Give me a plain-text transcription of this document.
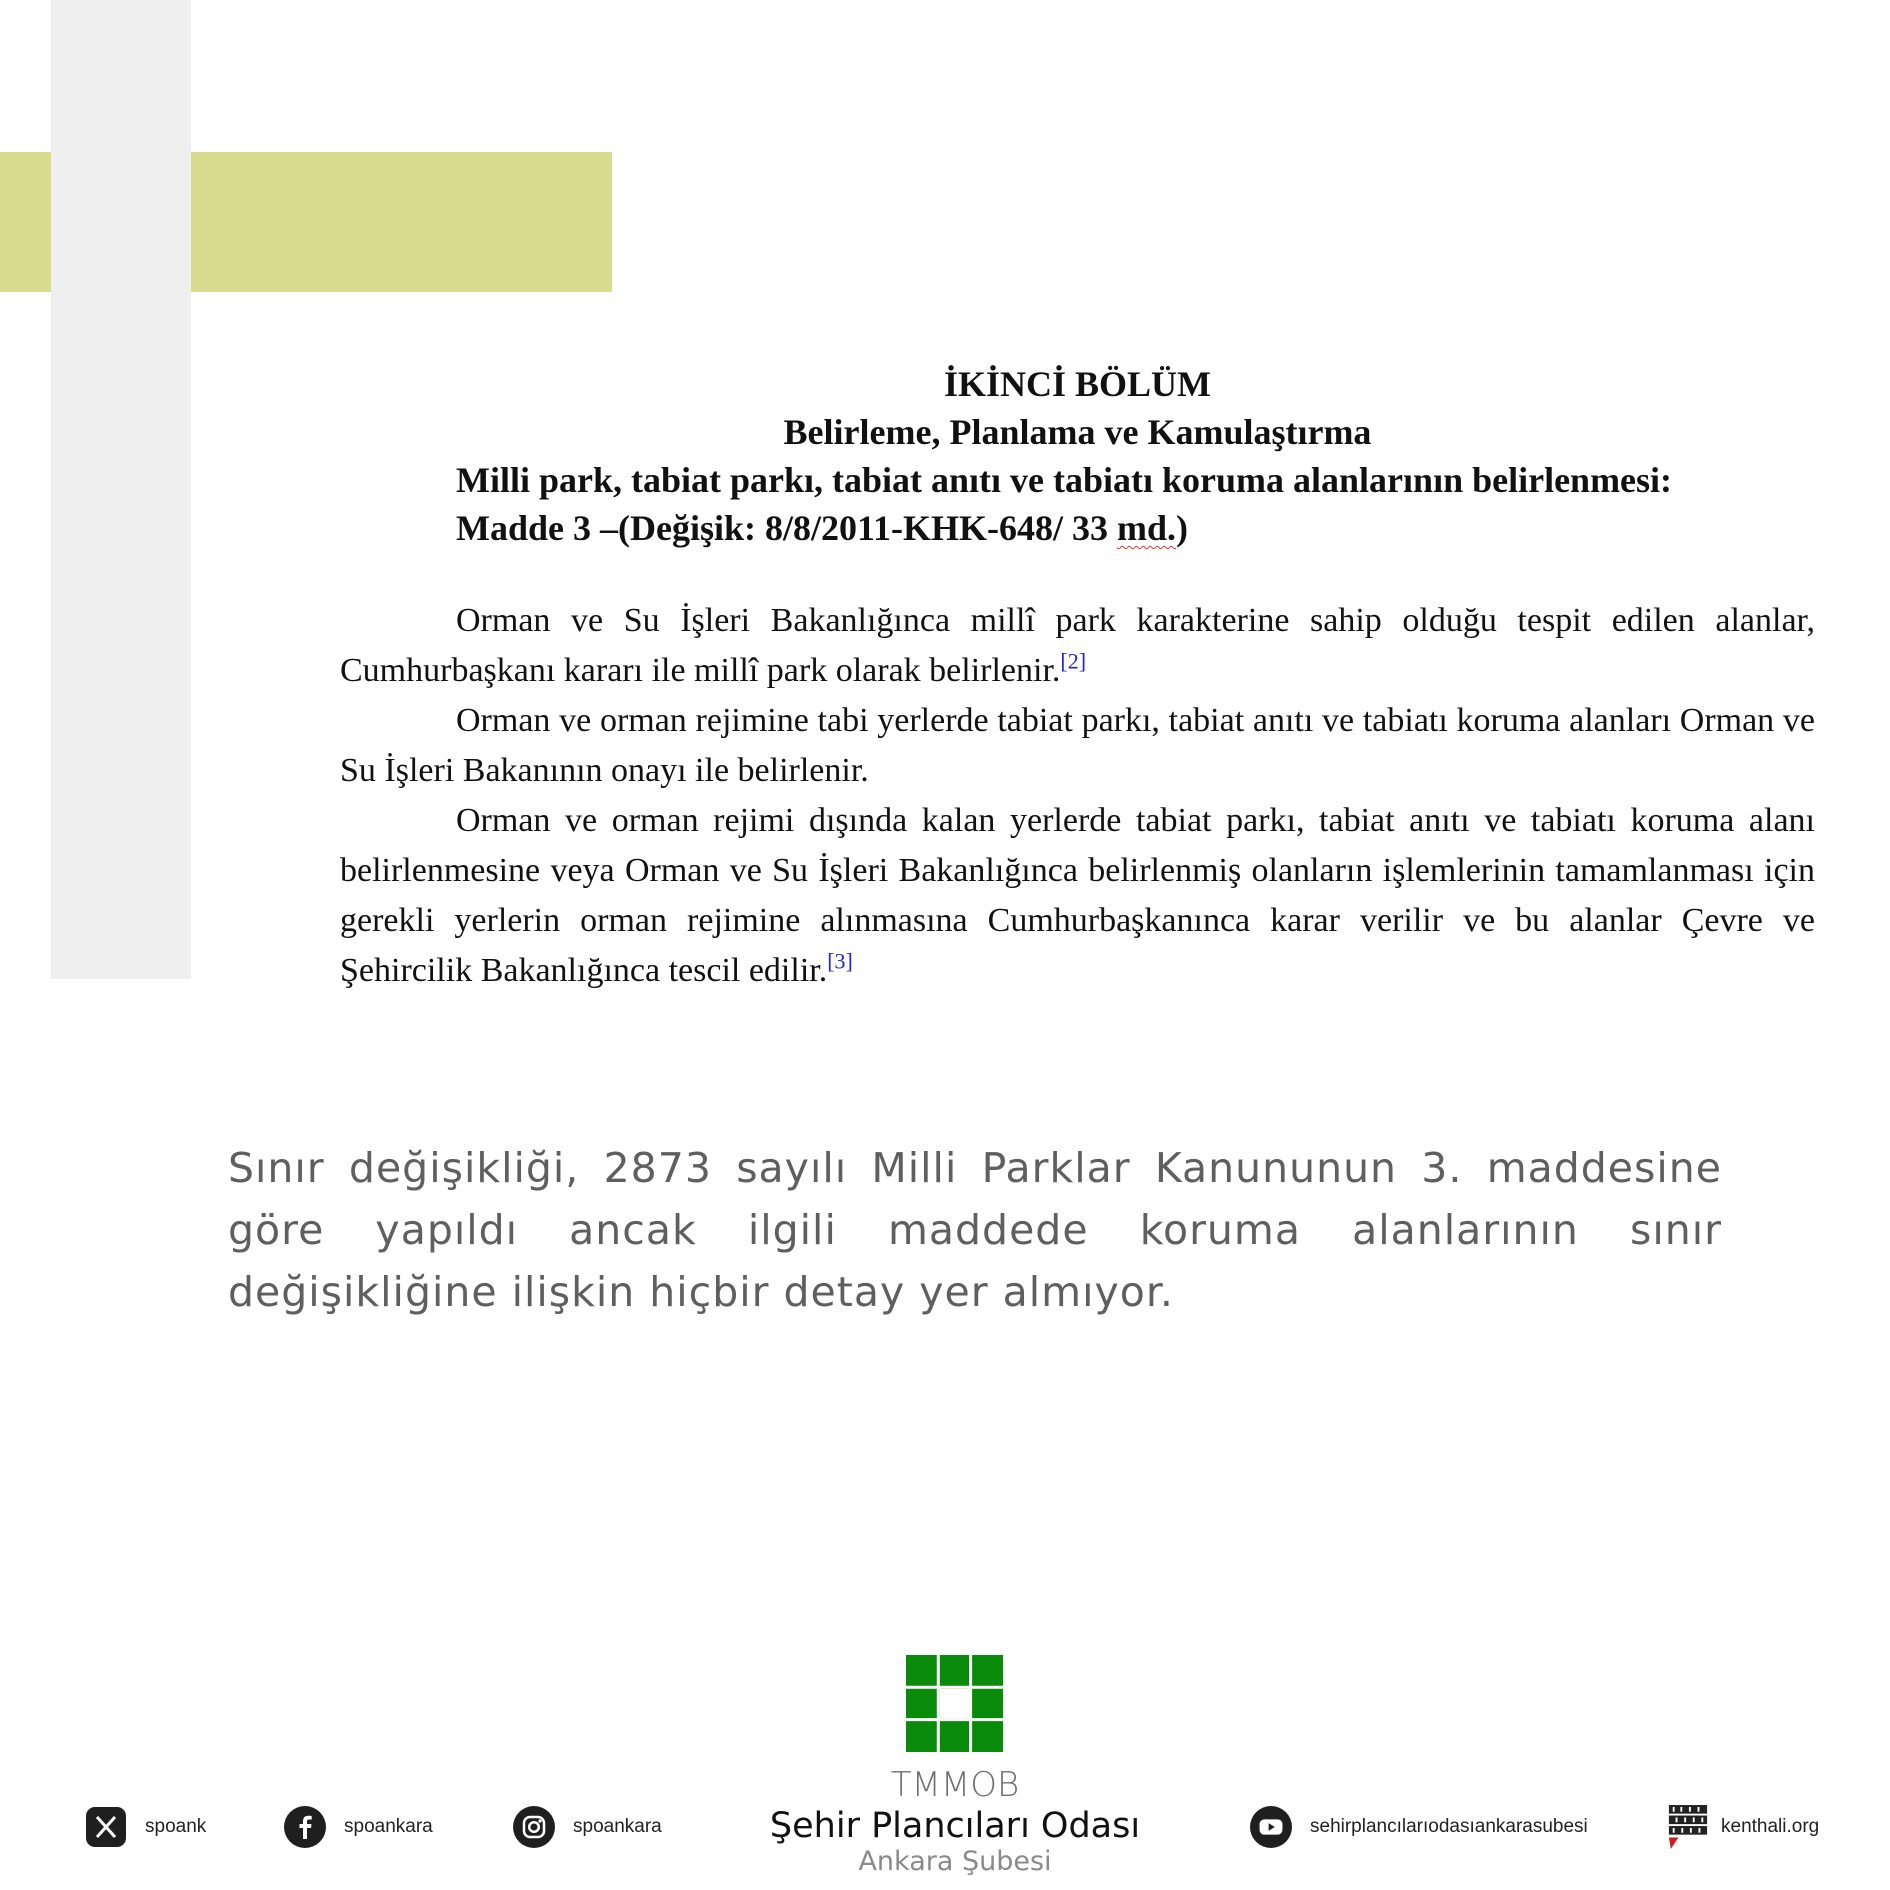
İKİNCİ BÖLÜM
Belirleme, Planlama ve Kamulaştırma
Milli park, tabiat parkı, tabiat anıtı ve tabiatı koruma alanlarının belirlenmesi:
Madde 3 –(Değişik: 8/8/2011-KHK-648/ 33 md.)

Orman ve Su İşleri Bakanlığınca millî park karakterine sahip olduğu tespit edilen alanlar, Cumhurbaşkanı kararı ile millî park olarak belirlenir.[2]

Orman ve orman rejimine tabi yerlerde tabiat parkı, tabiat anıtı ve tabiatı koruma alanları Orman ve Su İşleri Bakanının onayı ile belirlenir.

Orman ve orman rejimi dışında kalan yerlerde tabiat parkı, tabiat anıtı ve tabiatı koruma alanı belirlenmesine veya Orman ve Su İşleri Bakanlığınca belirlenmiş olanların işlemlerinin tamamlanması için gerekli yerlerin orman rejimine alınmasına Cumhurbaşkanınca karar verilir ve bu alanlar Çevre ve Şehircilik Bakanlığınca tescil edilir.[3]

Sınır değişikliği, 2873 sayılı Milli Parklar Kanununun 3. maddesine göre yapıldı ancak ilgili maddede koruma alanlarının sınır değişikliğine ilişkin hiçbir detay yer almıyor.

TMMOB
Şehir Plancıları Odası
Ankara Şubesi
spoank	spoankara	spoankara	sehirplancılarıodasıankarasubesi	kenthali.org
